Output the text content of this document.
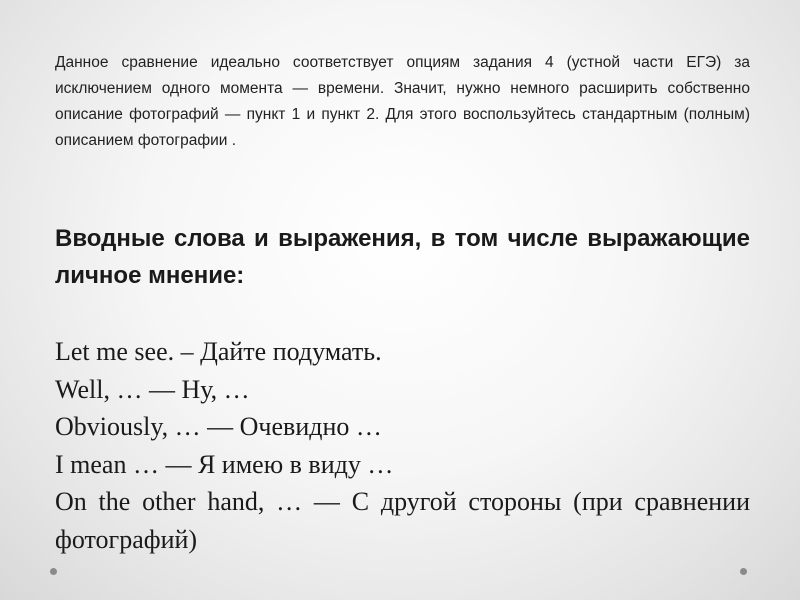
Данное сравнение идеально соответствует опциям задания 4 (устной части ЕГЭ) за исключением одного момента — времени. Значит, нужно немного расширить собственно описание фотографий — пункт 1 и пункт 2. Для этого воспользуйтесь стандартным (полным) описанием фотографии .

Вводные слова и выражения, в том числе выражающие личное мнение:
Let me see. – Дайте подумать.
Well, … — Ну, …
Obviously, … — Очевидно …
I mean … — Я имею в виду …
On the other hand, … — С другой стороны (при сравнении фотографий)
